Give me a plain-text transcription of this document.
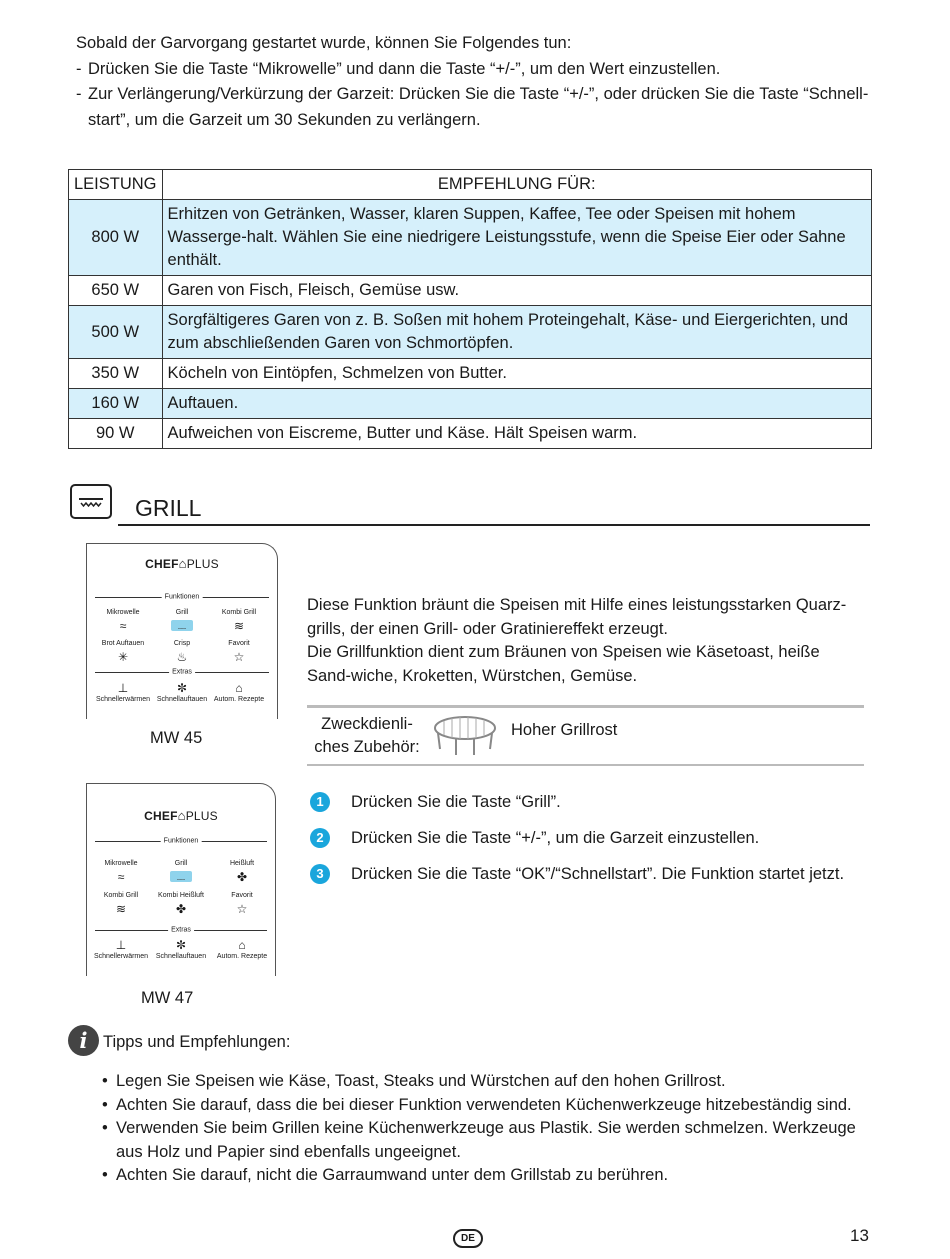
Sobald der Garvorgang gestartet wurde, können Sie Folgendes tun:

- Drücken Sie die Taste “Mikrowelle” und dann die Taste “+/-”, um den Wert einzustellen.
- Zur Verlängerung/Verkürzung der Garzeit: Drücken Sie die Taste “+/-”, oder drücken Sie die Taste “Schnell-start”, um die Garzeit um 30 Sekunden zu verlängern.
LEISTUNG	EMPFEHLUNG FÜR:
800 W	Erhitzen von Getränken, Wasser, klaren Suppen, Kaffee, Tee oder Speisen mit hohem Wasserge-halt. Wählen Sie eine niedrigere Leistungsstufe, wenn die Speise Eier oder Sahne enthält.
650 W	Garen von Fisch, Fleisch, Gemüse usw.
500 W	Sorgfältigeres Garen von z. B. Soßen mit hohem Proteingehalt, Käse- und Eiergerichten, und zum abschließenden Garen von Schmortöpfen.
350 W	Köcheln von Eintöpfen, Schmelzen von Butter.
160 W	Auftauen.
90 W	Aufweichen von Eiscreme, Butter und Käse. Hält Speisen warm.
GRILL
CHEF⌂PLUS
Funktionen
Mikrowelle
≈
Grill
﹏
Kombi Grill
≋
Brot Auftauen
✳
Crisp
♨
Favorit
☆
Extras
⊥
Schnellerwärmen
✼
Schnellauftauen
⌂
Autom. Rezepte
MW 45
CHEF⌂PLUS
Funktionen
Mikrowelle
≈
Grill
﹏
Heißluft
✤
Kombi Grill
≋
Kombi Heißluft
✤
Favorit
☆
Extras
⊥
Schnellerwärmen
✼
Schnellauftauen
⌂
Autom. Rezepte
MW 47

Diese Funktion bräunt die Speisen mit Hilfe eines leistungsstarken Quarz-grills, der einen Grill- oder Gratiniereffekt erzeugt.

Die Grillfunktion dient zum Bräunen von Speisen wie Käsetoast, heiße Sand-wiche, Kroketten, Würstchen, Gemüse.

Zweckdienli-ches Zubehör:
Hoher Grillrost
1	Drücken Sie die Taste “Grill”.
2	Drücken Sie die Taste “+/-”, um die Garzeit einzustellen.
3	Drücken Sie die Taste “OK”/“Schnellstart”. Die Funktion startet jetzt.
i Tipps und Empfehlungen:
• Legen Sie Speisen wie Käse, Toast, Steaks und Würstchen auf den hohen Grillrost.
• Achten Sie darauf, dass die bei dieser Funktion verwendeten Küchenwerkzeuge hitzebeständig sind.
• Verwenden Sie beim Grillen keine Küchenwerkzeuge aus Plastik. Sie werden schmelzen. Werkzeuge aus Holz und Papier sind ebenfalls ungeeignet.
• Achten Sie darauf, nicht die Garraumwand unter dem Grillstab zu berühren.
DE	13
